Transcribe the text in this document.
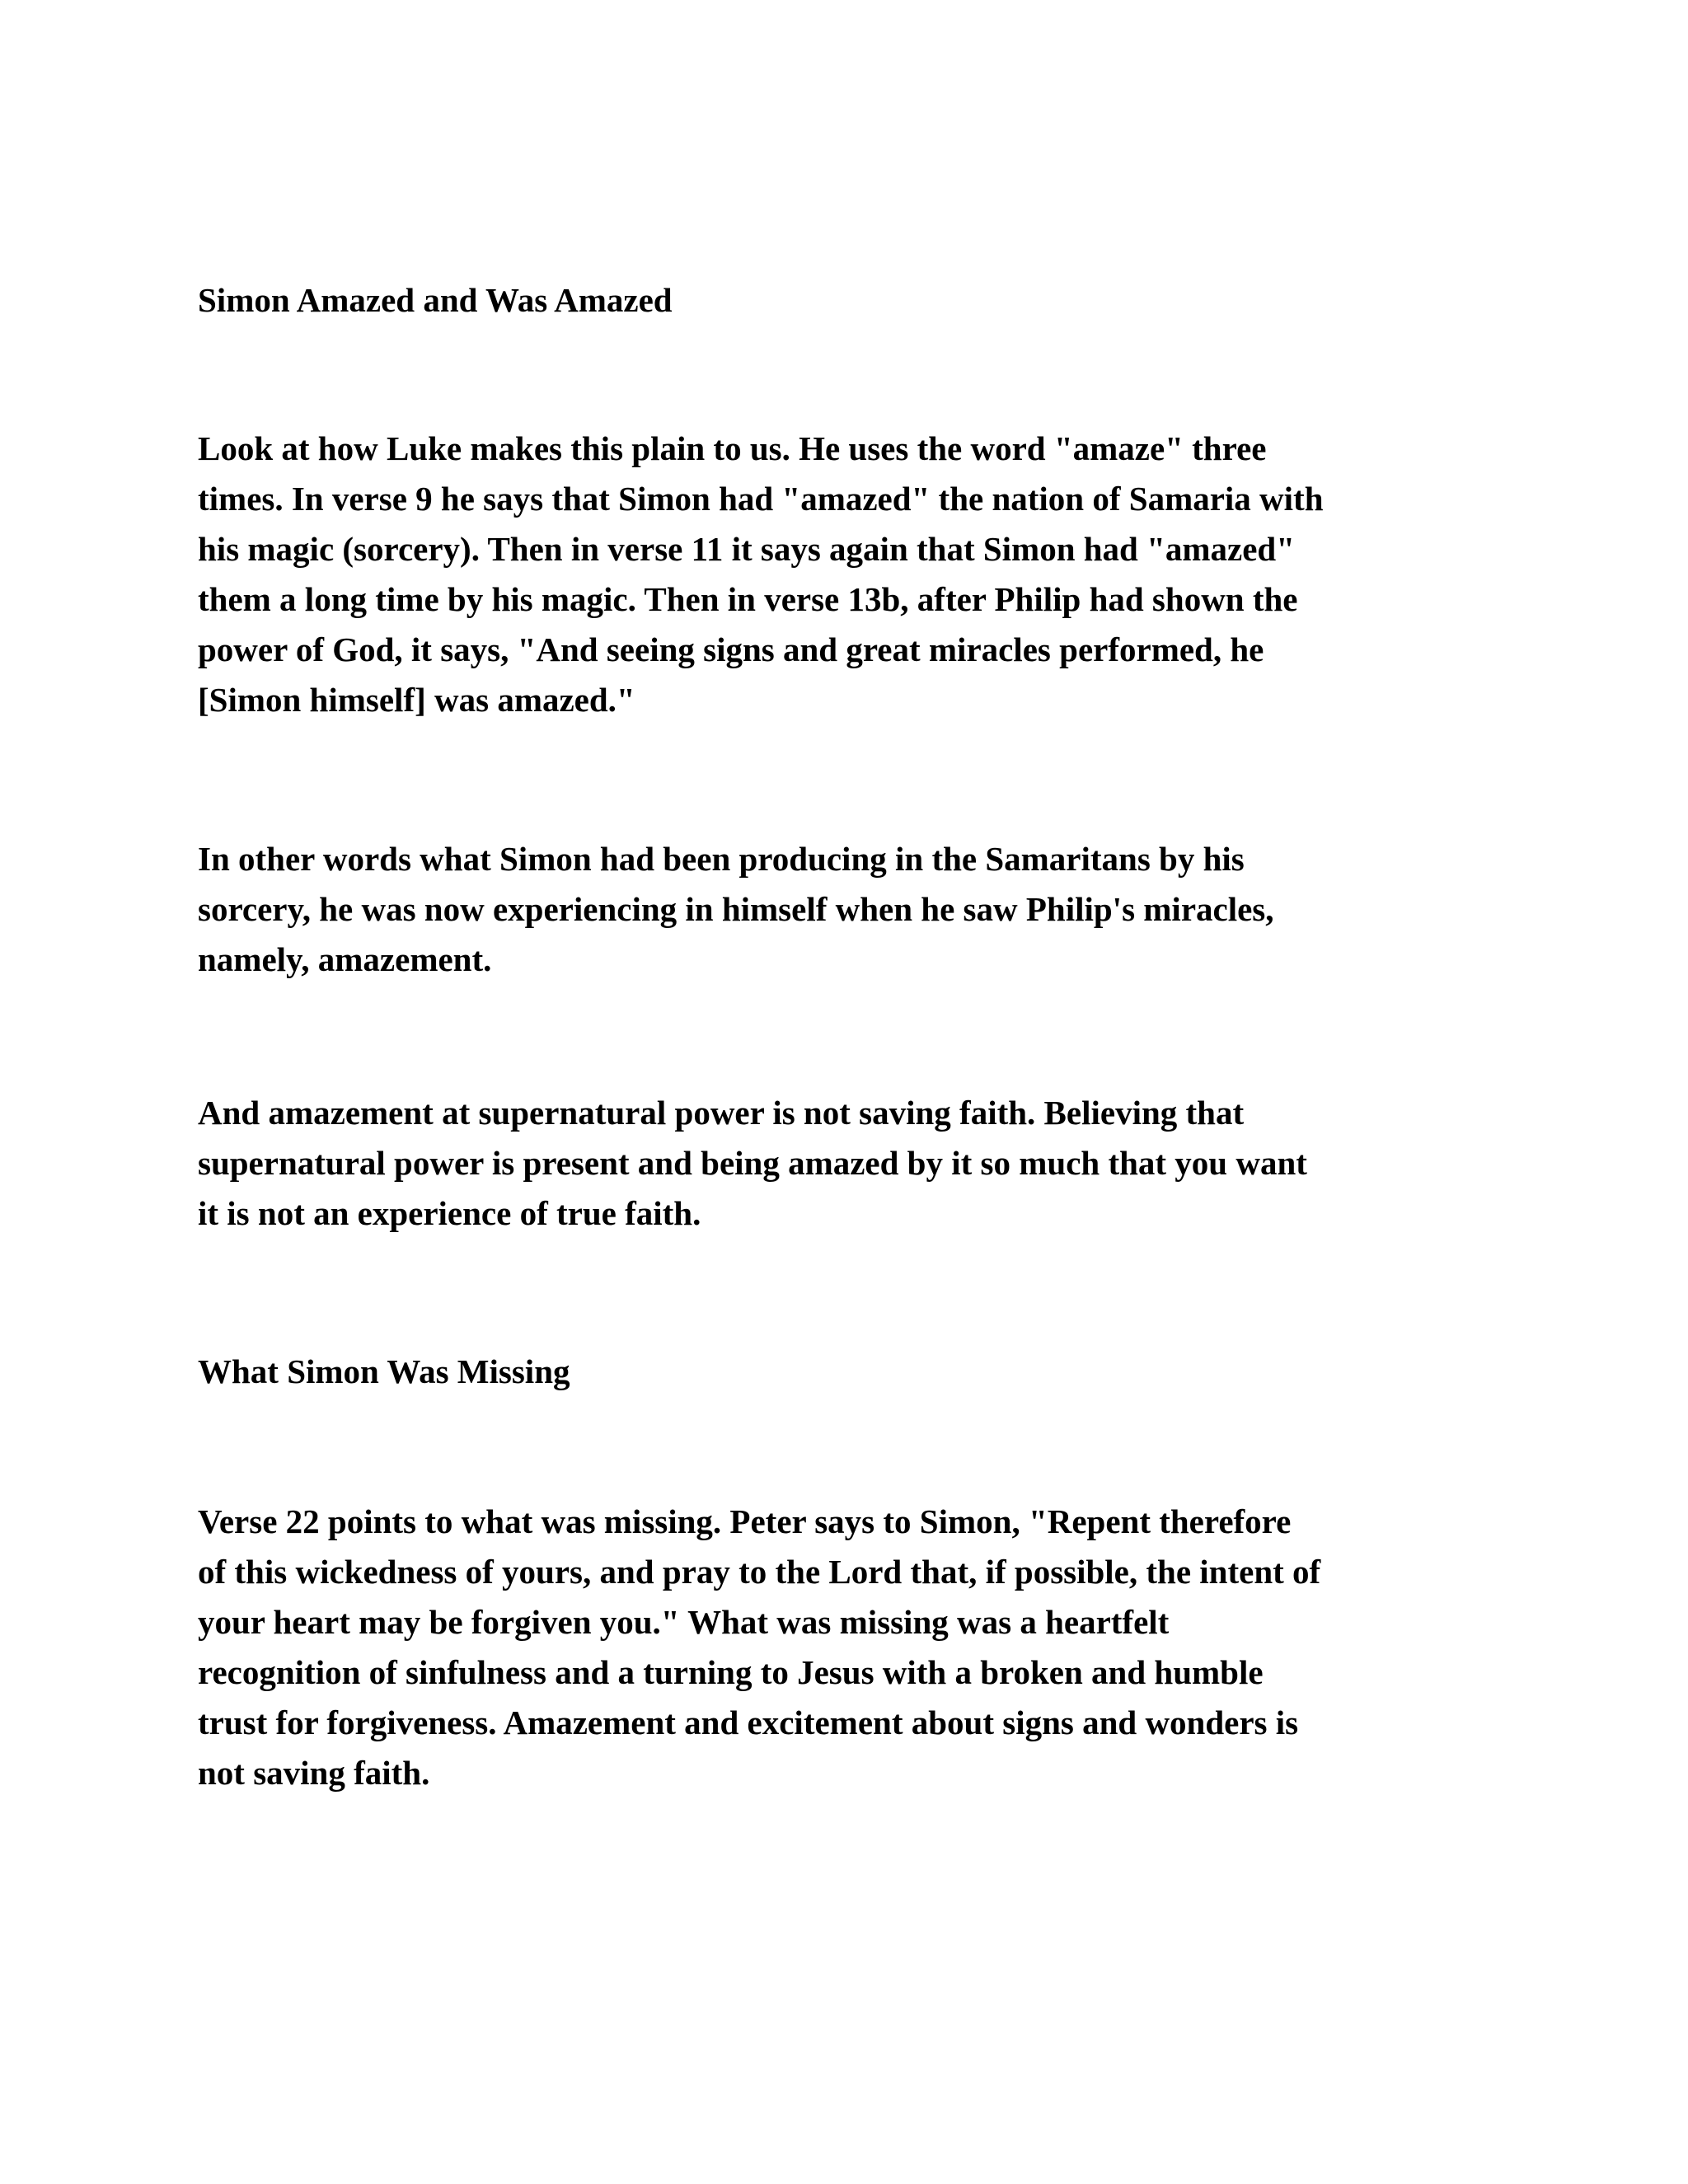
Simon Amazed and Was Amazed

Look at how Luke makes this plain to us. He uses the word "amaze" three
times. In verse 9 he says that Simon had "amazed" the nation of Samaria with
his magic (sorcery). Then in verse 11 it says again that Simon had "amazed"
them a long time by his magic. Then in verse 13b, after Philip had shown the
power of God, it says, "And seeing signs and great miracles performed, he
[Simon himself] was amazed."

In other words what Simon had been producing in the Samaritans by his
sorcery, he was now experiencing in himself when he saw Philip's miracles,
namely, amazement.

And amazement at supernatural power is not saving faith. Believing that
supernatural power is present and being amazed by it so much that you want
it is not an experience of true faith.

What Simon Was Missing

Verse 22 points to what was missing. Peter says to Simon, "Repent therefore
of this wickedness of yours, and pray to the Lord that, if possible, the intent of
your heart may be forgiven you." What was missing was a heartfelt
recognition of sinfulness and a turning to Jesus with a broken and humble
trust for forgiveness. Amazement and excitement about signs and wonders is
not saving faith.
